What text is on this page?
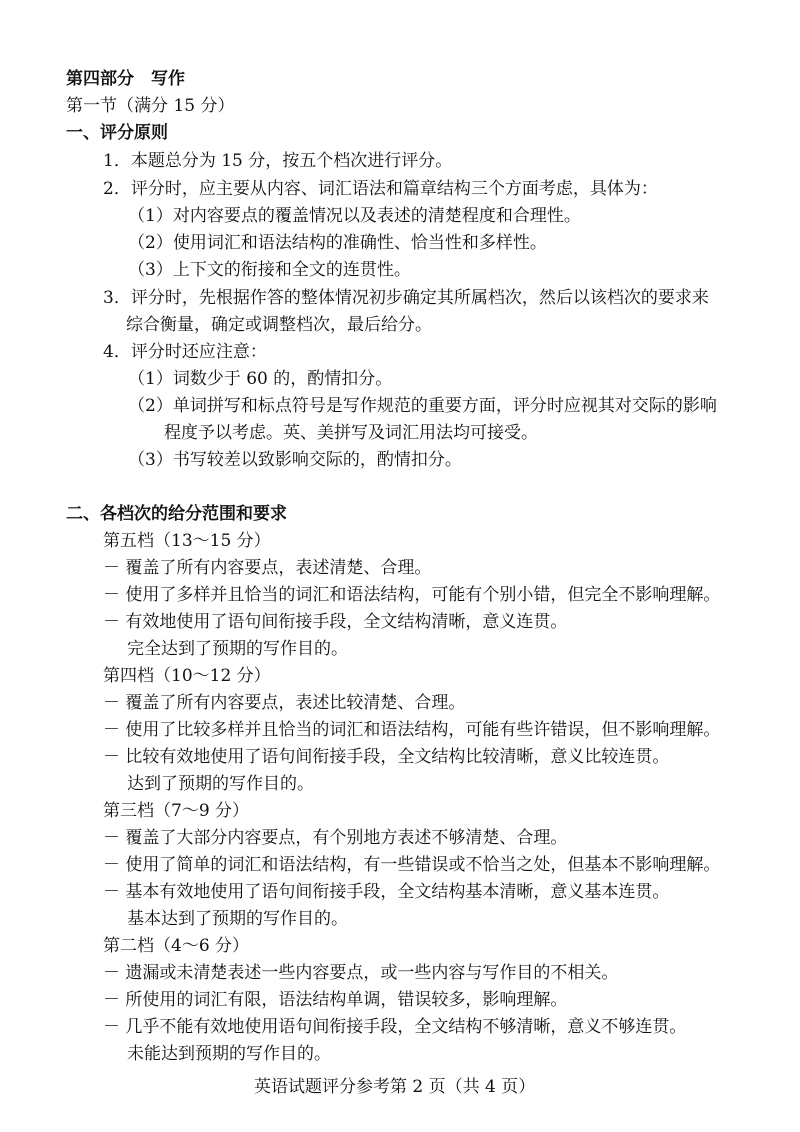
第四部分　写作
第一节（满分 15 分）
一、评分原则
1．本题总分为 15 分，按五个档次进行评分。
2．评分时，应主要从内容、词汇语法和篇章结构三个方面考虑，具体为：
（1）对内容要点的覆盖情况以及表述的清楚程度和合理性。
（2）使用词汇和语法结构的准确性、恰当性和多样性。
（3）上下文的衔接和全文的连贯性。
3．评分时，先根据作答的整体情况初步确定其所属档次，然后以该档次的要求来
综合衡量，确定或调整档次，最后给分。
4．评分时还应注意：
（1）词数少于 60 的，酌情扣分。
（2）单词拼写和标点符号是写作规范的重要方面，评分时应视其对交际的影响
程度予以考虑。英、美拼写及词汇用法均可接受。
（3）书写较差以致影响交际的，酌情扣分。
二、各档次的给分范围和要求
第五档（13～15 分）
－ 覆盖了所有内容要点，表述清楚、合理。
－ 使用了多样并且恰当的词汇和语法结构，可能有个别小错，但完全不影响理解。
－ 有效地使用了语句间衔接手段，全文结构清晰，意义连贯。
完全达到了预期的写作目的。
第四档（10～12 分）
－ 覆盖了所有内容要点，表述比较清楚、合理。
－ 使用了比较多样并且恰当的词汇和语法结构，可能有些许错误，但不影响理解。
－ 比较有效地使用了语句间衔接手段，全文结构比较清晰，意义比较连贯。
达到了预期的写作目的。
第三档（7～9 分）
－ 覆盖了大部分内容要点，有个别地方表述不够清楚、合理。
－ 使用了简单的词汇和语法结构，有一些错误或不恰当之处，但基本不影响理解。
－ 基本有效地使用了语句间衔接手段，全文结构基本清晰，意义基本连贯。
基本达到了预期的写作目的。
第二档（4～6 分）
－ 遗漏或未清楚表述一些内容要点，或一些内容与写作目的不相关。
－ 所使用的词汇有限，语法结构单调，错误较多，影响理解。
－ 几乎不能有效地使用语句间衔接手段，全文结构不够清晰，意义不够连贯。
未能达到预期的写作目的。
英语试题评分参考第 2 页（共 4 页）
